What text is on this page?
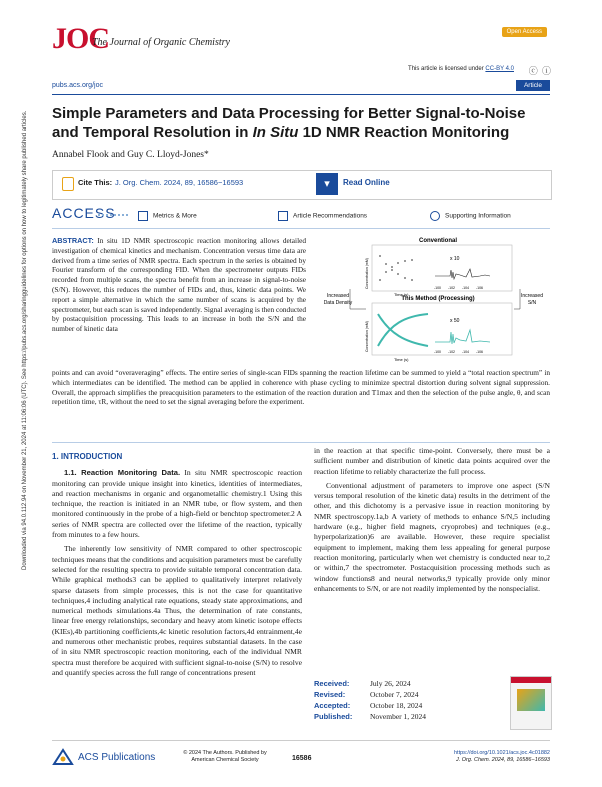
JOC
The Journal of Organic Chemistry
Open Access
This article is licensed under CC-BY 4.0 ⓒ ⓘ
pubs.acs.org/joc	Article
Simple Parameters and Data Processing for Better Signal-to-Noise and Temporal Resolution in In Situ 1D NMR Reaction Monitoring
Annabel Flook and Guy C. Lloyd-Jones*
Cite This: J. Org. Chem. 2024, 89, 16586−16593	▾	Read Online
ACCESS	Metrics & More	Article Recommendations	Supporting Information
Downloaded via 94.0.112.94 on November 21, 2024 at 11:06:06 (UTC). See https://pubs.acs.org/sharingguidelines for options on how to legitimately share published articles.	ABSTRACT: In situ 1D NMR spectroscopic reaction monitoring allows detailed investigation of chemical kinetics and mechanism. Concentration versus time data are derived from a time series of NMR spectra. Each spectrum in the series is obtained by Fourier transform of the corresponding FID. When the spectrometer outputs FIDs recorded from multiple scans, the spectra benefit from an increase in signal-to-noise (S/N). However, this reduces the number of FIDs and, thus, kinetic data points. We report a simple alternative in which the same number of scans is acquired by the spectrometer, but each scan is saved independently. Signal averaging is then conducted by postacquisition processing. This leads to an increase in both the S/N and the number of kinetic data
Conventional
x 10
This Method (Processing)
x 50
Increased
Data Density
Increased
S/N
Time (s)
Time (s)
Concentration (mM)
Concentration (mM)
-100 -102 -104 -106
-100 -102 -104 -106
points and can avoid “overaveraging” effects. The entire series of single-scan FIDs spanning the reaction lifetime can be summed to yield a “total reaction spectrum” in which intermediates can be identified. The method can be applied in coherence with phase cycling to minimize spectral distortion during solvent signal suppression. Overall, the approach simplifies the preacquisition parameters to the estimation of the reaction duration and T1max and then the selection of the pulse angle, θ, and scan repetition time, τR, without the need to set the signal averaging before the experiment.
1. INTRODUCTION

1.1. Reaction Monitoring Data. In situ NMR spectroscopic reaction monitoring can provide unique insight into kinetics, identities of intermediates, and reaction mechanisms in organic and organometallic chemistry.1 Using this technique, the reaction is initiated in an NMR tube, or flow system, and then monitored continuously in the probe of a high-field or benchtop spectrometer.2 A series of NMR spectra are collected over the lifetime of the reaction, typically from minutes to a few hours.

The inherently low sensitivity of NMR compared to other spectroscopic techniques means that the conditions and acquisition parameters must be carefully selected for the resulting spectra to provide suitable temporal concentration data. While graphical methods3 can be applied to qualitatively interpret relatively sparse datasets from simple processes, this is not the case for quantitative techniques,4 including analytical rate equations, steady state approximations, and numerical methods simulations.4a Thus, the determination of rate constants, linear free energy relationships, secondary and heavy atom kinetic isotope effects (KIEs),4b partitioning coefficients,4c kinetic resolution factors,4d entrainment,4e and numerous other mechanistic probes, requires substantial datasets. In the case of in situ NMR spectroscopic reaction monitoring, each of the individual NMR spectra must therefore be acquired with sufficient signal-to-noise (S/N) to resolve and quantify species across the full range of concentrations present

in the reaction at that specific time-point. Conversely, there must be a sufficient number and distribution of kinetic data points acquired over the reaction lifetime to reliably characterize the full process.

Conventional adjustment of parameters to improve one aspect (S/N versus temporal resolution of the kinetic data) results in the detriment of the other, and this dichotomy is a pervasive issue in reaction monitoring by NMR spectroscopy.1a,b A variety of methods to enhance S/N,5 including hardware (e.g., higher field magnets, cryoprobes) and techniques (e.g., hyperpolarization)6 are available. However, these require specialist equipment to implement, making them less appealing for general purpose reaction monitoring, particularly when wet chemistry is conducted near to,2 or within,7 the spectrometer. Postacquisition processing methods such as window functions8 and neural networks,9 typically provide only minor enhancements to S/N, or are not readily implemented by the nonspecialist.

Received:	July 26, 2024
Revised:	October 7, 2024
Accepted:	October 18, 2024
Published: November 1, 2024
ACS Publications	© 2024 The Authors. Published by
American Chemical Society	16586
https://doi.org/10.1021/acs.joc.4c01882
J. Org. Chem. 2024, 89, 16586−16593
